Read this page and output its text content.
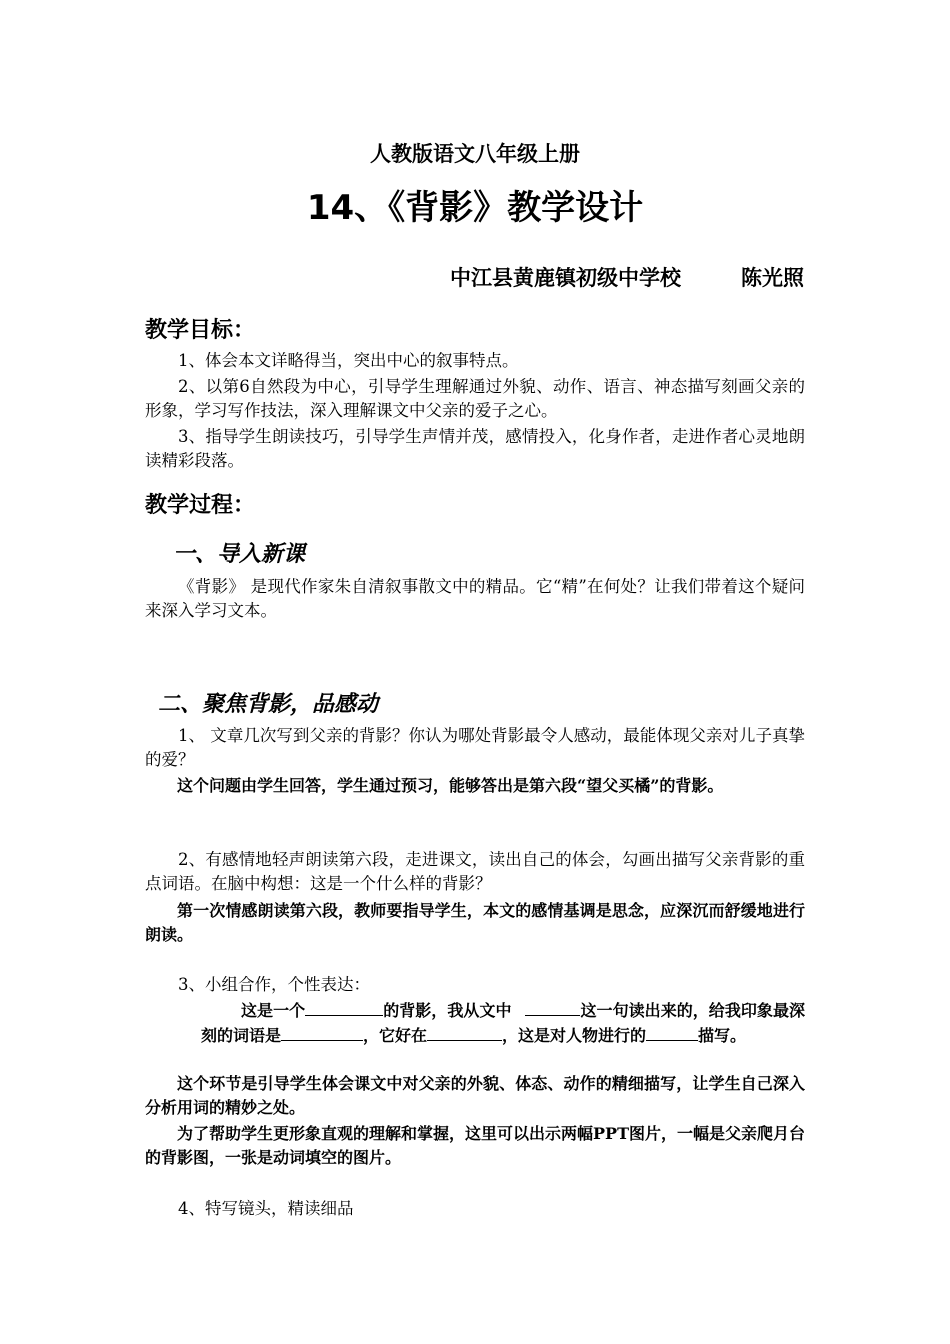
人教版语文八年级上册
14、《背影》教学设计
中江县黄鹿镇初级中学校	陈光照
教学目标：
1、体会本文详略得当，突出中心的叙事特点。
2、以第6自然段为中心，引导学生理解通过外貌、动作、语言、神态描写刻画父亲的形象，学习写作技法，深入理解课文中父亲的爱子之心。
3、指导学生朗读技巧，引导学生声情并茂，感情投入，化身作者，走进作者心灵地朗读精彩段落。
教学过程：
一、导入新课
《背影》 是现代作家朱自清叙事散文中的精品。它“精”在何处？让我们带着这个疑问来深入学习文本。
二、聚焦背影，品感动
1、 文章几次写到父亲的背影？你认为哪处背影最令人感动，最能体现父亲对儿子真挚的爱？
这个问题由学生回答，学生通过预习，能够答出是第六段“望父买橘”的背影。
2、有感情地轻声朗读第六段，走进课文，读出自己的体会，勾画出描写父亲背影的重点词语。在脑中构想：这是一个什么样的背影？
第一次情感朗读第六段，教师要指导学生，本文的感情基调是思念，应深沉而舒缓地进行朗读。
3、小组合作，个性表达：
这是一个	的背影，我从文中	这一句读出来的，给我印象最深刻的词语是	，它好在	，这是对人物进行的	描写。
这个环节是引导学生体会课文中对父亲的外貌、体态、动作的精细描写，让学生自己深入分析用词的精妙之处。
为了帮助学生更形象直观的理解和掌握，这里可以出示两幅PPT图片，一幅是父亲爬月台的背影图，一张是动词填空的图片。
4、特写镜头，精读细品
